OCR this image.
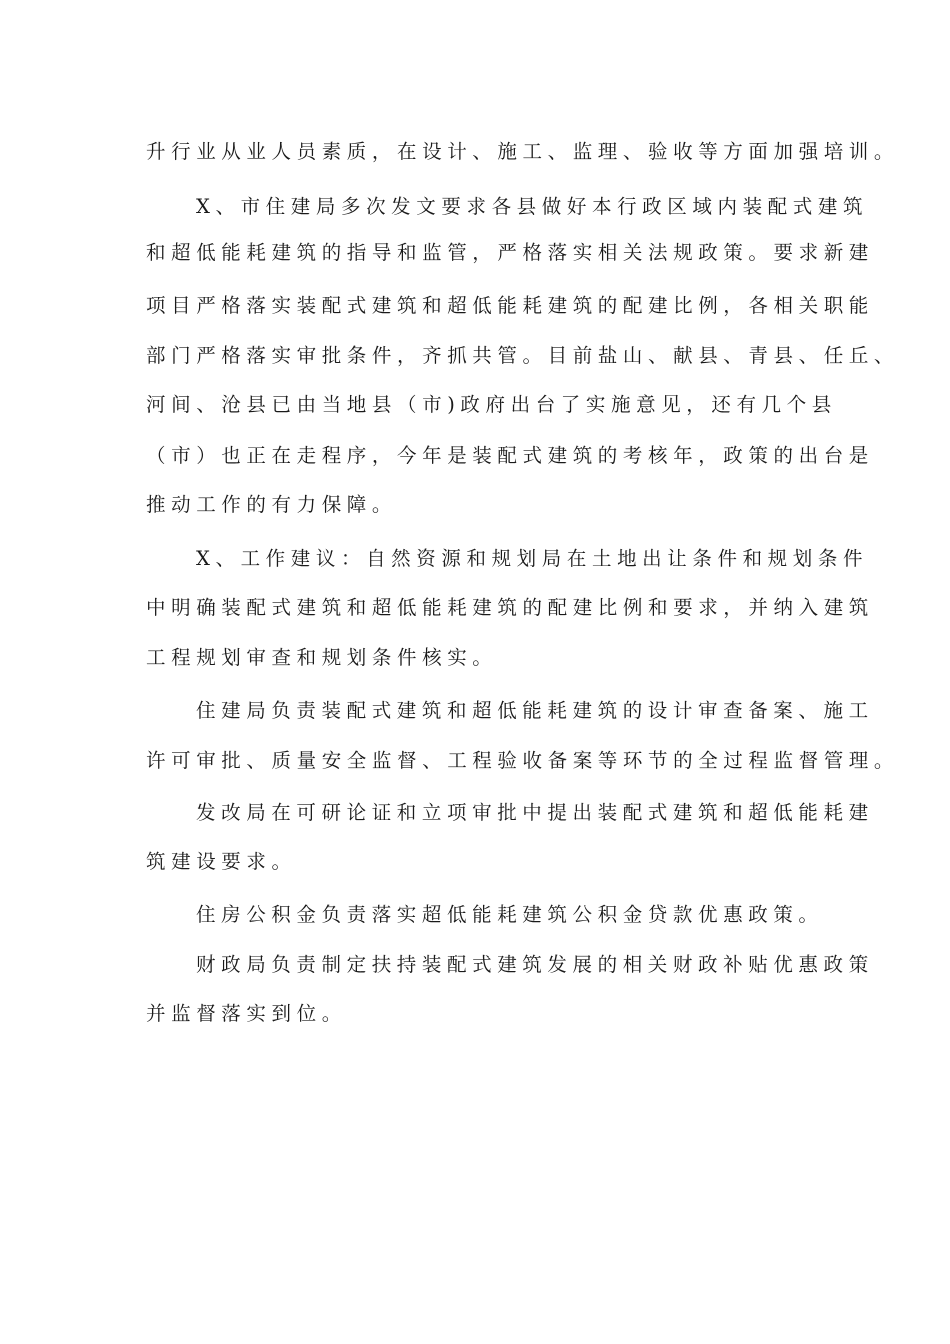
升行业从业人员素质，在设计、施工、监理、验收等方面加强培训。
X、市住建局多次发文要求各县做好本行政区域内装配式建筑
和超低能耗建筑的指导和监管，严格落实相关法规政策。要求新建
项目严格落实装配式建筑和超低能耗建筑的配建比例，各相关职能
部门严格落实审批条件，齐抓共管。目前盐山、献县、青县、任丘、
河间、沧县已由当地县（市)政府出台了实施意见，还有几个县
（市）也正在走程序，今年是装配式建筑的考核年，政策的出台是
推动工作的有力保障。
X、工作建议：自然资源和规划局在土地出让条件和规划条件
中明确装配式建筑和超低能耗建筑的配建比例和要求，并纳入建筑
工程规划审查和规划条件核实。
住建局负责装配式建筑和超低能耗建筑的设计审查备案、施工
许可审批、质量安全监督、工程验收备案等环节的全过程监督管理。
发改局在可研论证和立项审批中提出装配式建筑和超低能耗建
筑建设要求。
住房公积金负责落实超低能耗建筑公积金贷款优惠政策。
财政局负责制定扶持装配式建筑发展的相关财政补贴优惠政策
并监督落实到位。
